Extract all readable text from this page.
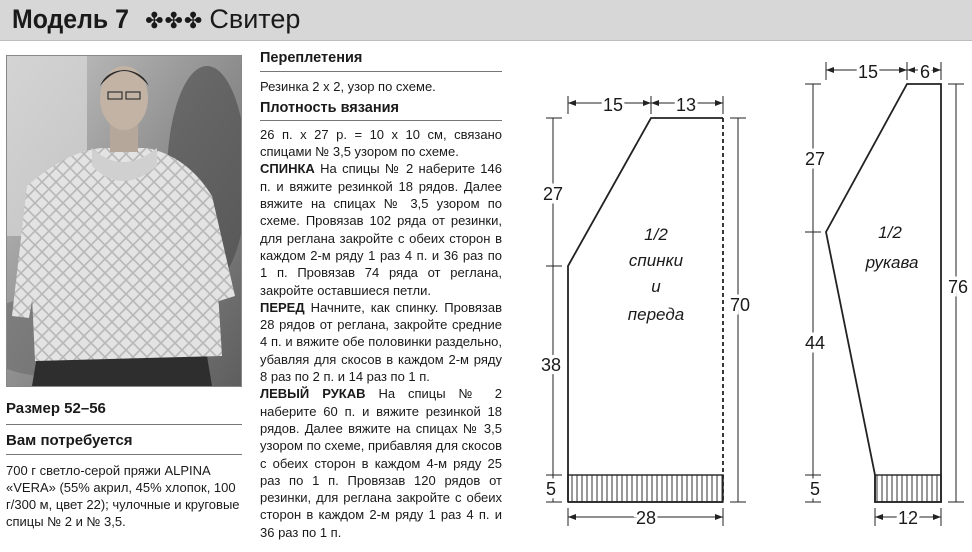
Модель 7 ✤✤✤ Свитер
Размер 52–56
Вам потребуется
700 г светло-серой пряжи ALPINA «VERA» (55% акрил, 45% хлопок, 100 г/300 м, цвет 22); чулочные и круговые спицы № 2 и № 3,5.
Переплетения

Резинка 2 х 2, узор по схеме.

Плотность вязания

26 п. х 27 р. = 10 х 10 см, связано спицами № 3,5 узором по схеме.

СПИНКА На спицы № 2 наберите 146 п. и вяжите резинкой 18 рядов. Далее вяжите на спицах № 3,5 узором по схеме. Провязав 102 ряда от резинки, для реглана закройте с обеих сторон в каждом 2-м ряду 1 раз 4 п. и 36 раз по 1 п. Провязав 74 ряда от реглана, закройте оставшиеся петли.

ПЕРЕД Начните, как спинку. Провязав 28 рядов от реглана, закройте средние 4 п. и вяжите обе половинки раздельно, убавляя для скосов в каждом 2-м ряду 8 раз по 2 п. и 14 раз по 1 п.

ЛЕВЫЙ РУКАВ На спицы № 2 наберите 60 п. и вяжите резинкой 18 рядов. Далее вяжите на спицах № 3,5 узором по схеме, прибавляя для скосов с обеих сторон в каждом 4-м ряду 25 раз по 1 п. Провязав 120 рядов от резинки, для реглана закройте с обеих сторон в каждом 2-м ряду 1 раз 4 п. и 36 раз по 1 п.

15	13
27
38
5
70
28
1/2
спинки
и
переда
15 6
27
44
5
76
12
1/2
рукава
